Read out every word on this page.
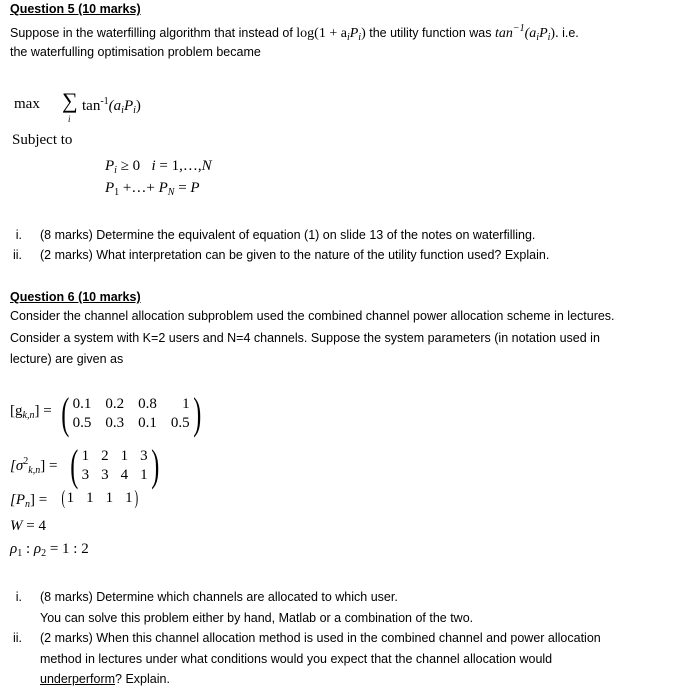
Question 5 (10 marks)
Suppose in the waterfilling algorithm that instead of $\log(1 + a_iP_i)$ the utility function was $\tan^{-1}(a_iP_i)$. i.e.
the waterfulling optimisation problem became
max ∑
i
$\tan^{-1}(a_iP_i)$
Subject to
$P_i \ge 0$   i = 1,…,N
$P_1$ +…+ $P_N = P$
i. (8 marks) Determine the equivalent of equation (1) on slide 13 of the notes on waterfilling.
ii. (2 marks) What interpretation can be given to the nature of the utility function used? Explain.
Question 6 (10 marks)
Consider the channel allocation subproblem used the combined channel power allocation scheme in lectures.
Consider a system with K=2 users and N=4 channels. Suppose the system parameters (in notation used in
lecture) are given as
$[g_{k,n}]$ = ( 0.1 0.2 0.8	1
0.5 0.3 0.1 0.5 )
$[\sigma^2_{k,n}]$ = ( 1 2 1 3
3 3 4 1 )
$[P_n]$ = ( 1 1 1 1 )
W = 4
$\rho_1$ : $\rho_2 = 1$ : 2
i. (8 marks) Determine which channels are allocated to which user.
You can solve this problem either by hand, Matlab or a combination of the two.
ii. (2 marks) When this channel allocation method is used in the combined channel and power allocation
method in lectures under what conditions would you expect that the channel allocation would
underperform? Explain.
